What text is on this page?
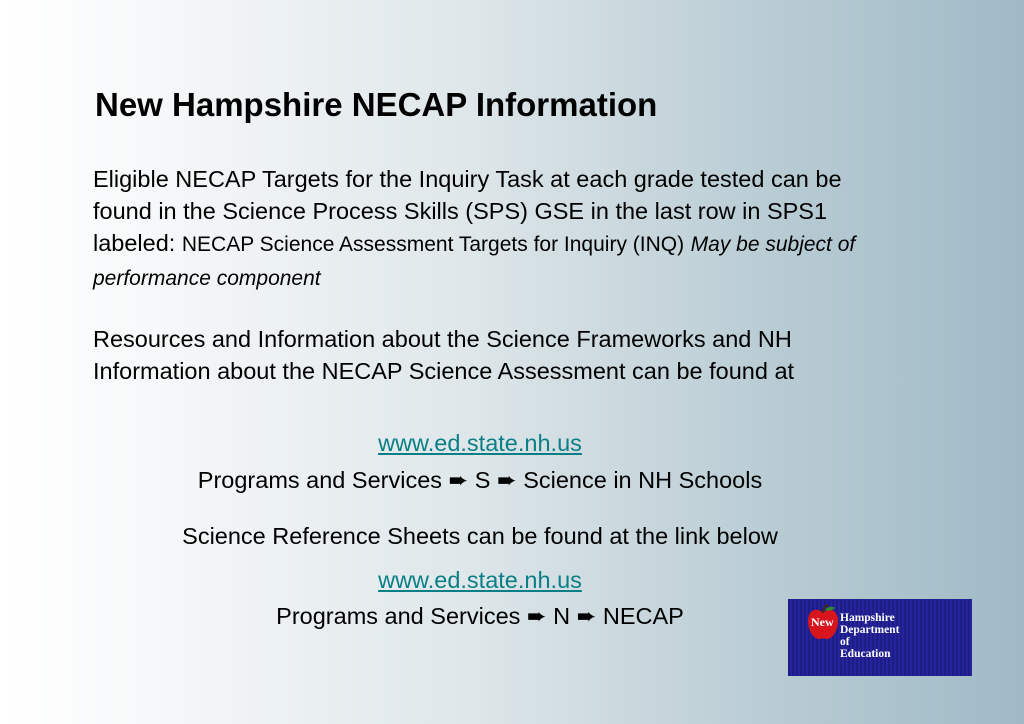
New Hampshire NECAP Information
Eligible NECAP Targets for the Inquiry Task at each grade tested can be found in the Science Process Skills (SPS) GSE in the last row in SPS1 labeled: NECAP Science Assessment Targets for Inquiry (INQ) May be subject of performance component
Resources and Information about the Science Frameworks and NH Information about the NECAP Science Assessment can be found at
www.ed.state.nh.us
Programs and Services ➨ S ➨ Science in NH Schools
Science Reference Sheets can be found at the link below
www.ed.state.nh.us
Programs and Services ➨ N ➨ NECAP	New Hampshire
Department
of
Education
